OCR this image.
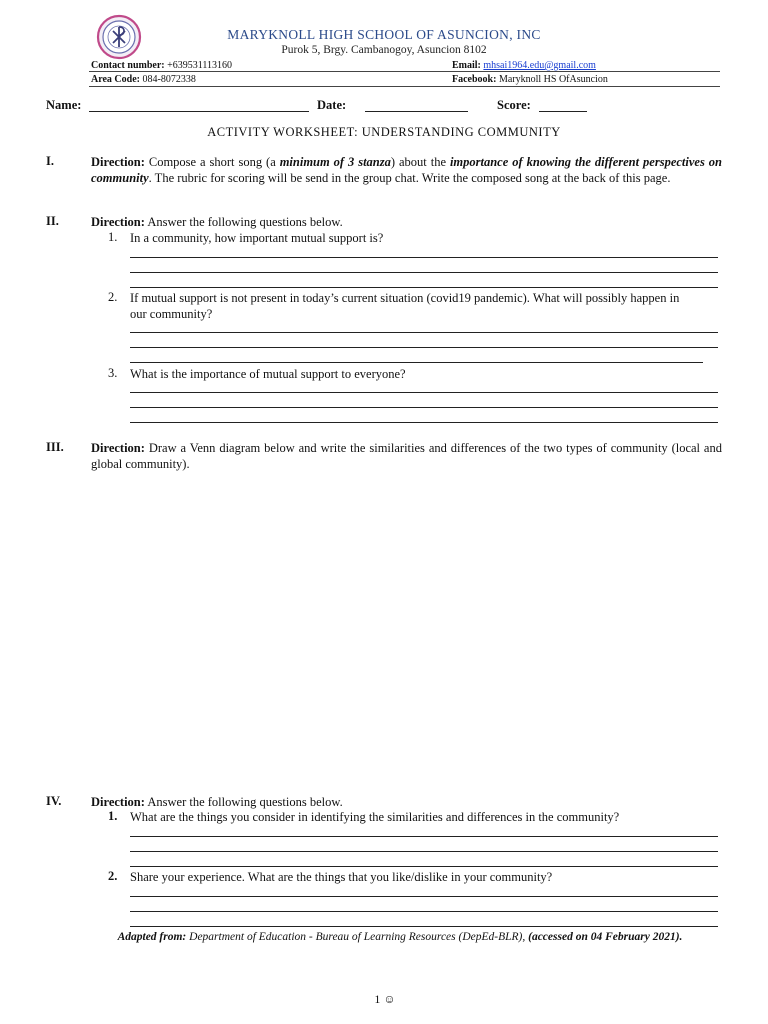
MARYKNOLL HIGH SCHOOL OF ASUNCION, INC
Purok 5, Brgy. Cambanogoy, Asuncion 8102
Contact number: +639531113160
Area Code: 084-8072338
Email: mhsai1964.edu@gmail.com
Facebook: Maryknoll HS OfAsuncion
Name:	Date:	Score:
ACTIVITY WORKSHEET: UNDERSTANDING COMMUNITY
I.	Direction: Compose a short song (a minimum of 3 stanza) about the importance of knowing the different perspectives on community. The rubric for scoring will be send in the group chat. Write the composed song at the back of this page.
II.	Direction: Answer the following questions below.
1. In a community, how important mutual support is?
2. If mutual support is not present in today’s current situation (covid19 pandemic). What will possibly happen in our community?
3. What is the importance of mutual support to everyone?
III. Direction: Draw a Venn diagram below and write the similarities and differences of the two types of community (local and global community).
IV. Direction: Answer the following questions below.
1. What are the things you consider in identifying the similarities and differences in the community?
2. Share your experience. What are the things that you like/dislike in your community?
Adapted from: Department of Education - Bureau of Learning Resources (DepEd-BLR), (accessed on 04 February 2021).
1 ☺
